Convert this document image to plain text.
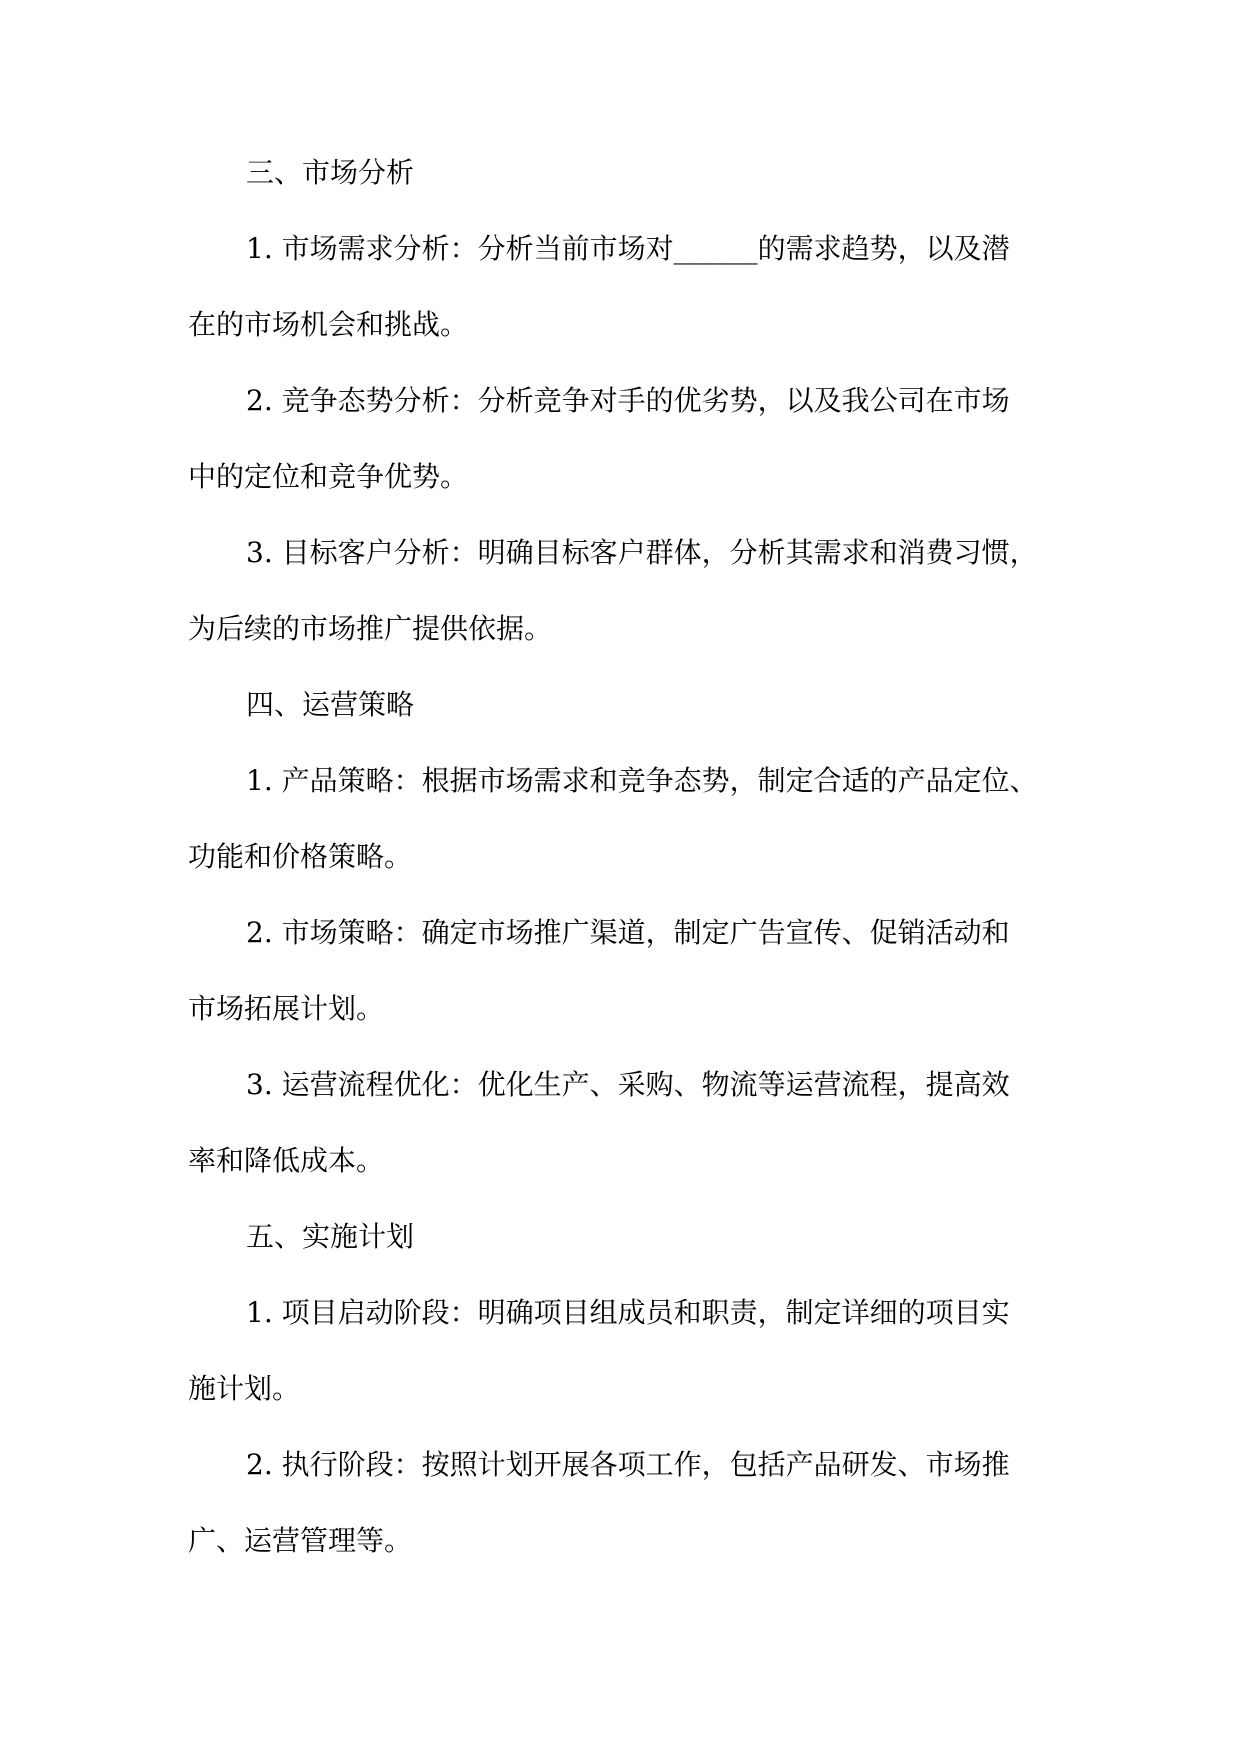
三、市场分析

1. 市场需求分析：分析当前市场对______的需求趋势，以及潜

在的市场机会和挑战。

2. 竞争态势分析：分析竞争对手的优劣势，以及我公司在市场

中的定位和竞争优势。

3. 目标客户分析：明确目标客户群体，分析其需求和消费习惯，

为后续的市场推广提供依据。

四、运营策略

1. 产品策略：根据市场需求和竞争态势，制定合适的产品定位、

功能和价格策略。

2. 市场策略：确定市场推广渠道，制定广告宣传、促销活动和

市场拓展计划。

3. 运营流程优化：优化生产、采购、物流等运营流程，提高效

率和降低成本。

五、实施计划

1. 项目启动阶段：明确项目组成员和职责，制定详细的项目实

施计划。

2. 执行阶段：按照计划开展各项工作，包括产品研发、市场推

广、运营管理等。
